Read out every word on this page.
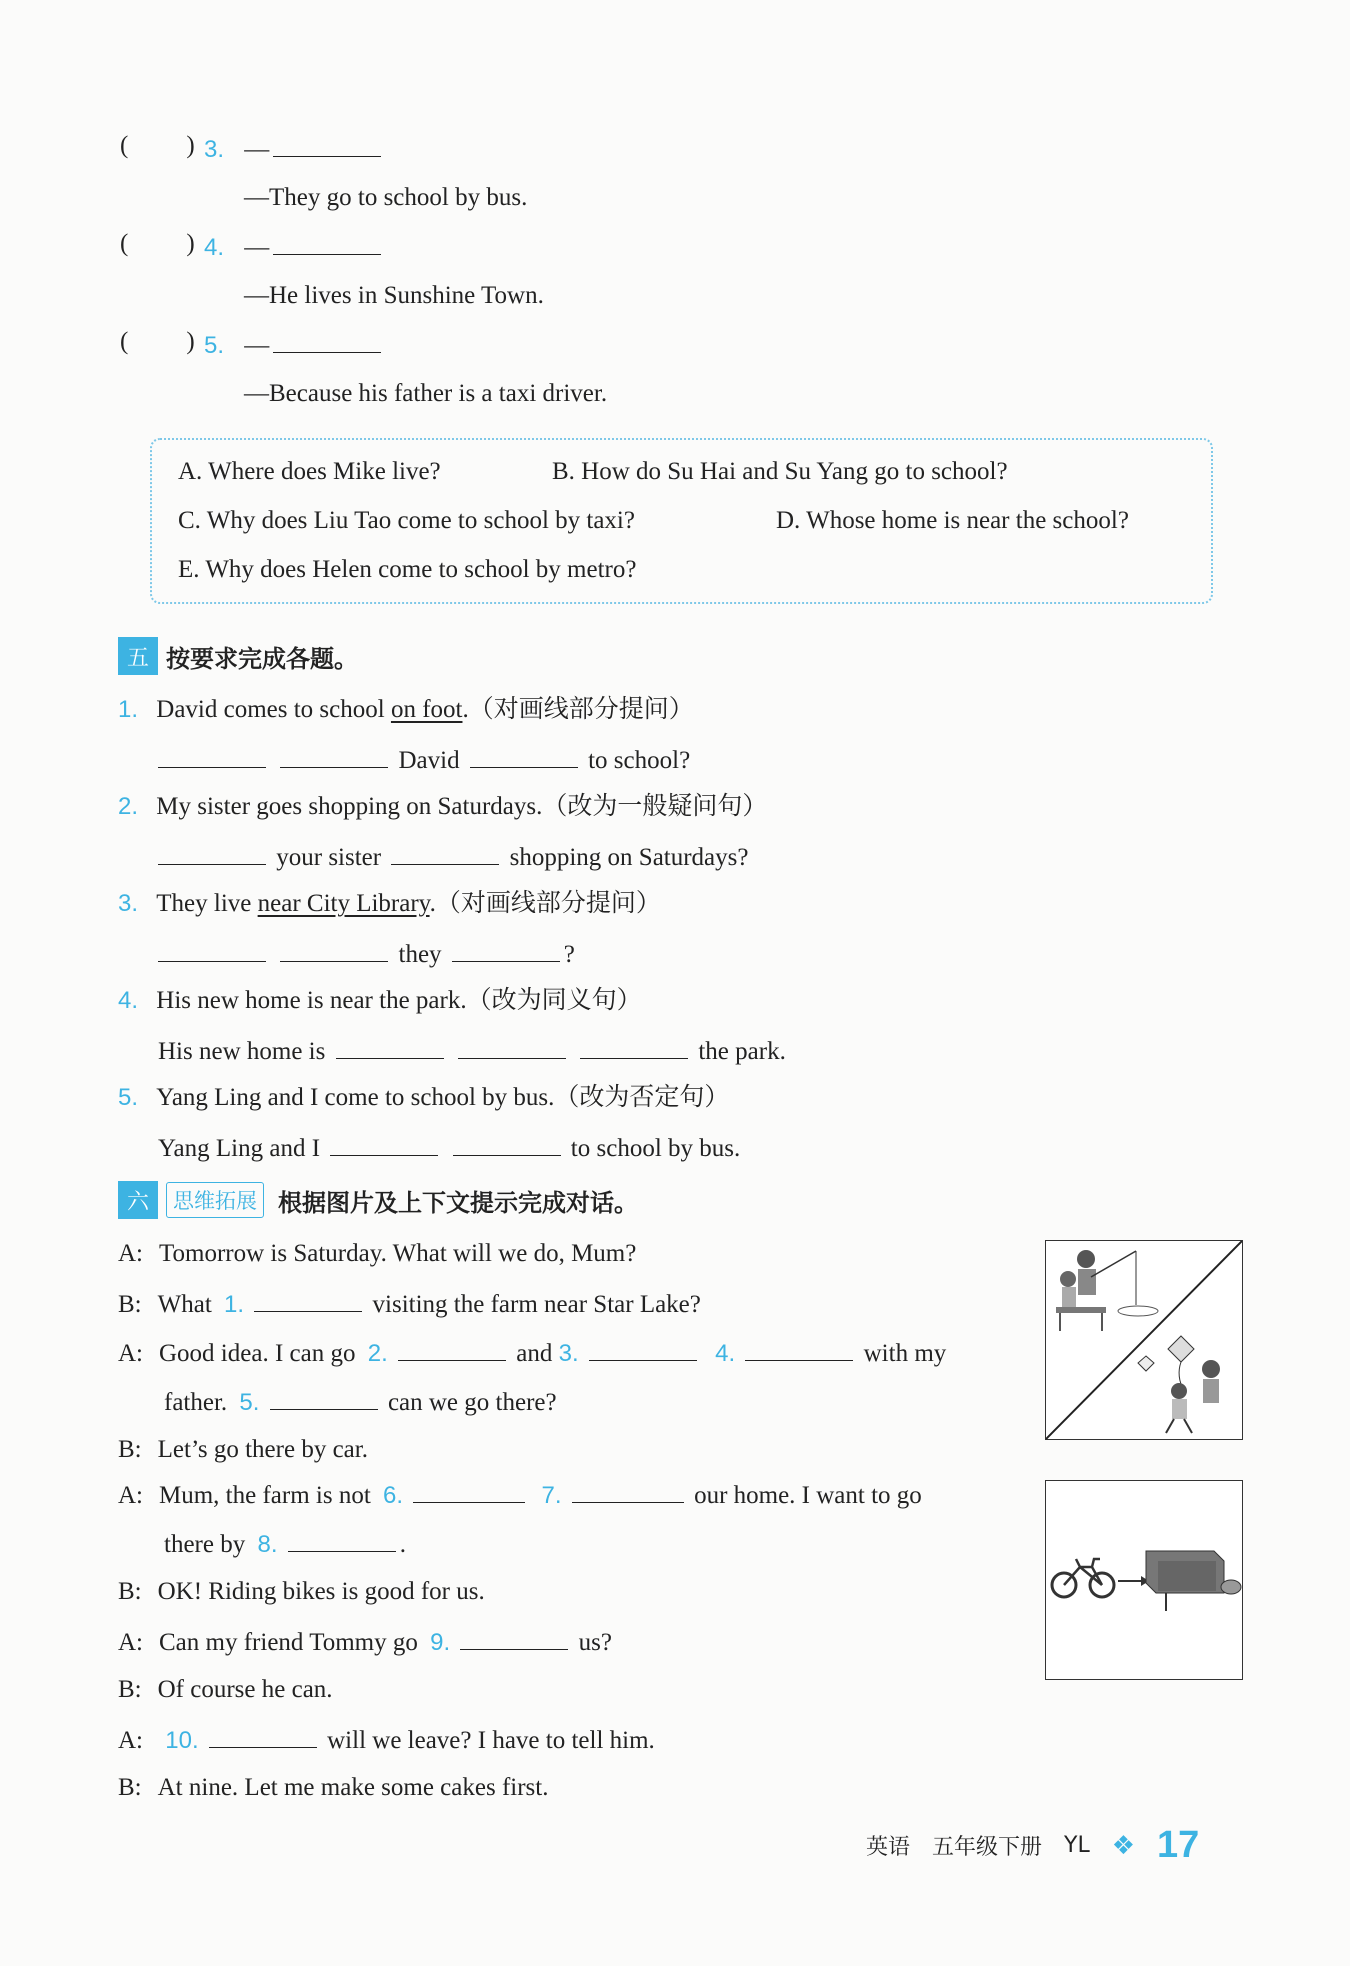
( ) 3. —
—They go to school by bus.
( ) 4. —
—He lives in Sunshine Town.
( ) 5. —
—Because his father is a taxi driver.
A. Where does Mike live?	B. How do Su Hai and Su Yang go to school?
C. Why does Liu Tao come to school by taxi?	D. Whose home is near the school?
E. Why does Helen come to school by metro?
五 按要求完成各题。
1. David comes to school on foot.（对画线部分提问）
David	to school?
2. My sister goes shopping on Saturdays.（改为一般疑问句）
your sister	shopping on Saturdays?
3. They live near City Library.（对画线部分提问）
they	?
4. His new home is near the park.（改为同义句）
His new home is	the park.
5. Yang Ling and I come to school by bus.（改为否定句）
Yang Ling and I	to school by bus.
六	思维拓展 根据图片及上下文提示完成对话。
A: Tomorrow is Saturday. What will we do, Mum?
B: What 1.	visiting the farm near Star Lake?
A: Good idea. I can go 2.	and 3.	4.	with my
father. 5.	can we go there?
B: Let’s go there by car.
A: Mum, the farm is not 6.	7.	our home. I want to go
there by 8.	.
B: OK! Riding bikes is good for us.
A: Can my friend Tommy go 9.	us?
B: Of course he can.
A: 10.	will we leave? I have to tell him.
B: At nine. Let me make some cakes first.
英语 五年级下册 YL ❖ 17
